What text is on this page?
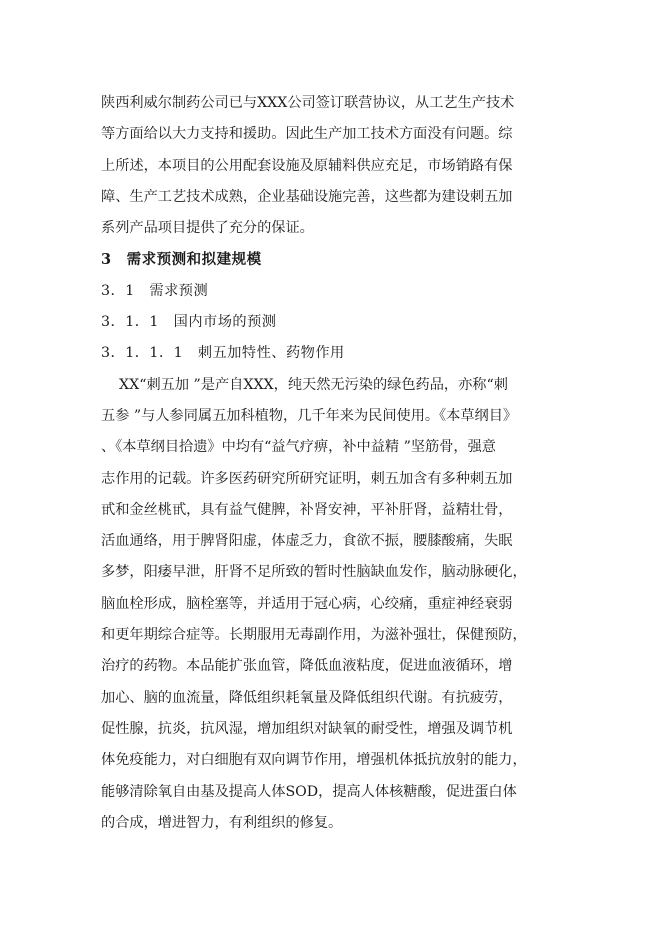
陕西利威尔制药公司已与XXX公司签订联营协议，从工艺生产技术
等方面给以大力支持和援助。因此生产加工技术方面没有问题。综
上所述，本项目的公用配套设施及原辅料供应充足，市场销路有保
障、生产工艺技术成熟，企业基础设施完善，这些都为建设刺五加
系列产品项目提供了充分的保证。
3　需求预测和拟建规模
3．1　需求预测
3．1．1　国内市场的预测
3．1．1．1　刺五加特性、药物作用
XX“刺五加 ”是产自XXX，纯天然无污染的绿色药品，亦称“刺
五参 ”与人参同属五加科植物，几千年来为民间使用。《本草纲目》
、《本草纲目拾遗》中均有“益气疗痹，补中益精 ”坚筋骨，强意
志作用的记载。许多医药研究所研究证明，刺五加含有多种刺五加
甙和金丝桃甙，具有益气健脾，补肾安神，平补肝肾，益精壮骨，
活血通络，用于脾肾阳虚，体虚乏力，食欲不振，腰膝酸痛，失眠
多梦，阳痿早泄，肝肾不足所致的暂时性脑缺血发作，脑动脉硬化，
脑血栓形成，脑栓塞等，并适用于冠心病，心绞痛，重症神经衰弱
和更年期综合症等。长期服用无毒副作用，为滋补强壮，保健预防，
治疗的药物。本品能扩张血管，降低血液粘度，促进血液循环，增
加心、脑的血流量，降低组织耗氧量及降低组织代谢。有抗疲劳，
促性腺，抗炎，抗风湿，增加组织对缺氧的耐受性，增强及调节机
体免疫能力，对白细胞有双向调节作用，增强机体抵抗放射的能力，
能够清除氧自由基及提高人体SOD，提高人体核糖酸，促进蛋白体
的合成，增进智力，有利组织的修复。
